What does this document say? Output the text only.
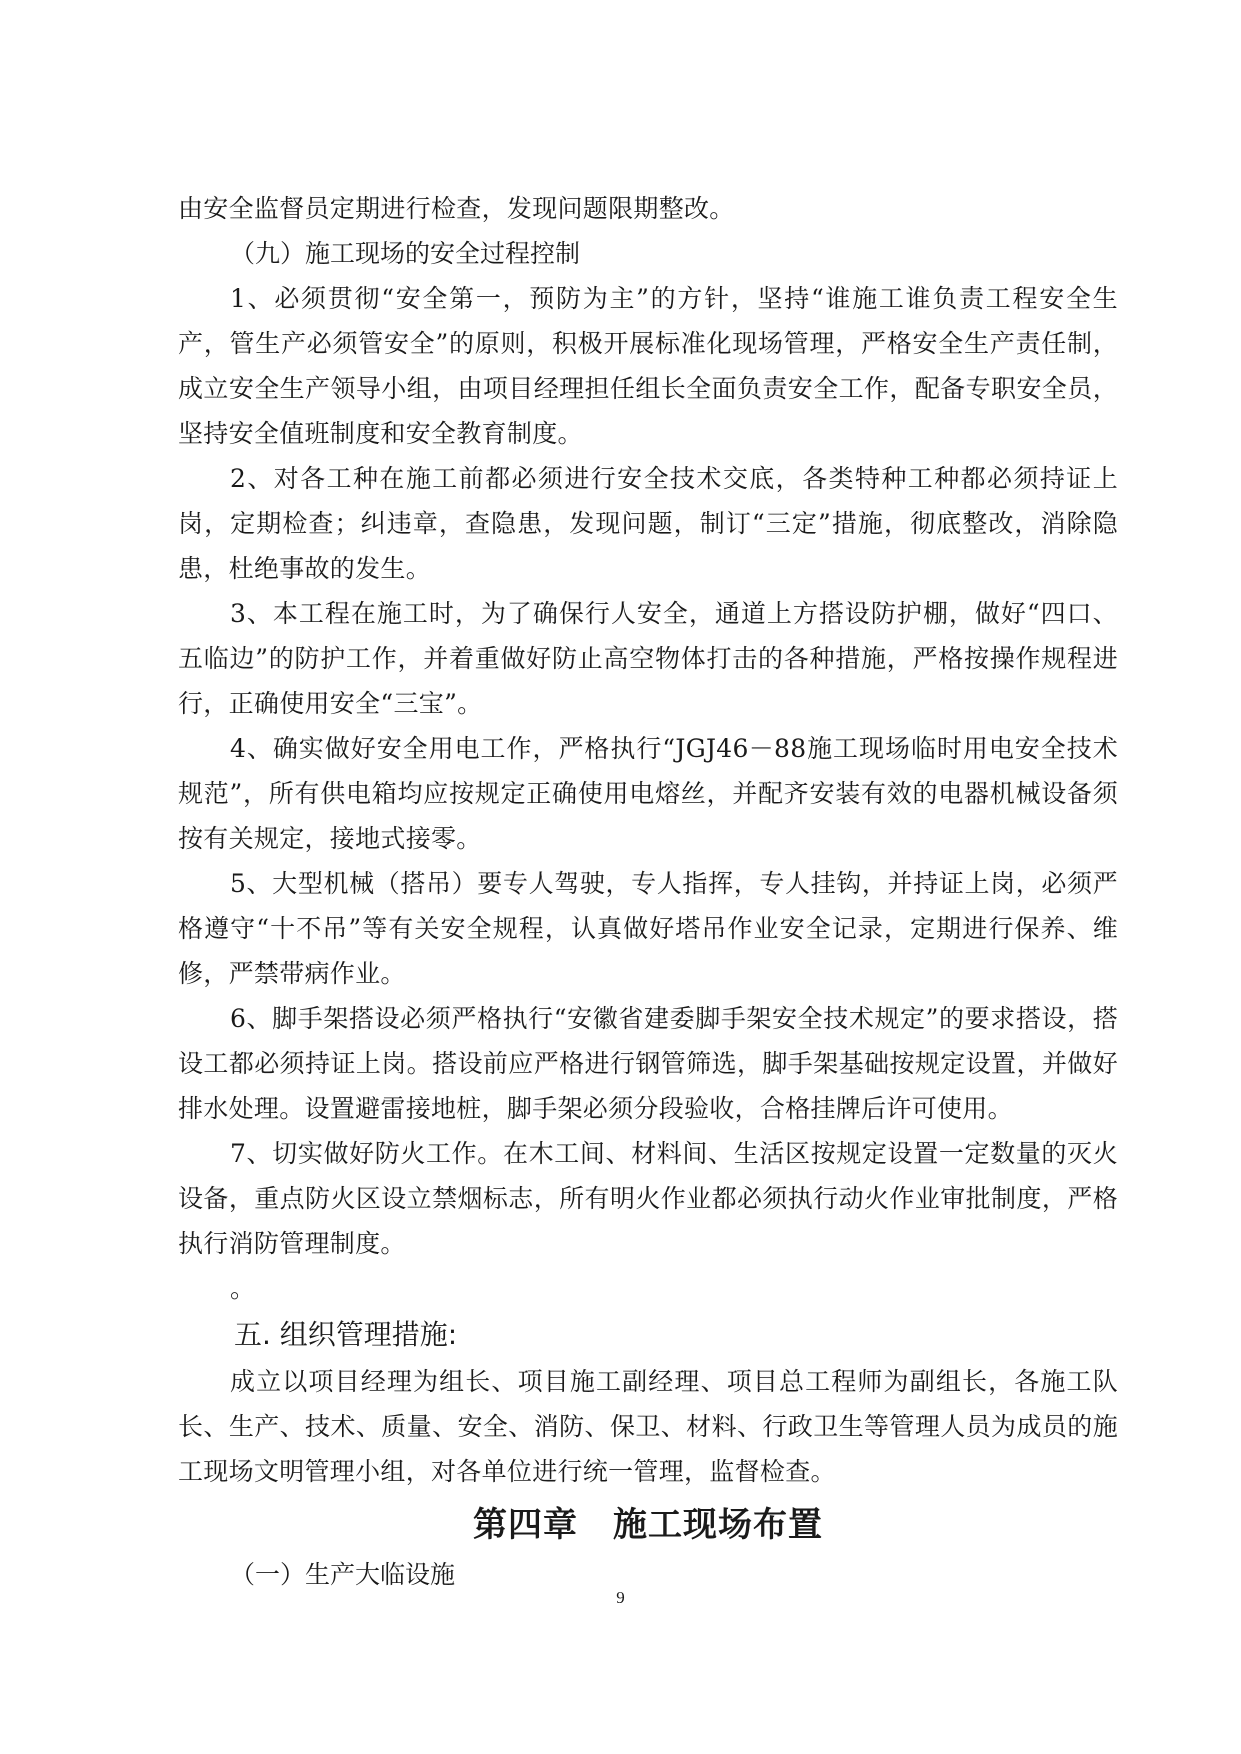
由安全监督员定期进行检查，发现问题限期整改。

（九）施工现场的安全过程控制

1、必须贯彻“安全第一，预防为主”的方针，坚持“谁施工谁负责工程安全生产，管生产必须管安全”的原则，积极开展标准化现场管理，严格安全生产责任制，成立安全生产领导小组，由项目经理担任组长全面负责安全工作，配备专职安全员，坚持安全值班制度和安全教育制度。

2、对各工种在施工前都必须进行安全技术交底，各类特种工种都必须持证上岗，定期检查；纠违章，查隐患，发现问题，制订“三定”措施，彻底整改，消除隐患，杜绝事故的发生。

3、本工程在施工时，为了确保行人安全，通道上方搭设防护棚，做好“四口、五临边”的防护工作，并着重做好防止高空物体打击的各种措施，严格按操作规程进行，正确使用安全“三宝”。

4、确实做好安全用电工作，严格执行“JGJ46－88施工现场临时用电安全技术规范”，所有供电箱均应按规定正确使用电熔丝，并配齐安装有效的电器机械设备须按有关规定，接地式接零。

5、大型机械（搭吊）要专人驾驶，专人指挥，专人挂钩，并持证上岗，必须严格遵守“十不吊”等有关安全规程，认真做好塔吊作业安全记录，定期进行保养、维修，严禁带病作业。

6、脚手架搭设必须严格执行“安徽省建委脚手架安全技术规定”的要求搭设，搭设工都必须持证上岗。搭设前应严格进行钢管筛选，脚手架基础按规定设置，并做好排水处理。设置避雷接地桩，脚手架必须分段验收，合格挂牌后许可使用。

7、切实做好防火工作。在木工间、材料间、生活区按规定设置一定数量的灭火设备，重点防火区设立禁烟标志，所有明火作业都必须执行动火作业审批制度，严格执行消防管理制度。

。

五. 组织管理措施:

成立以项目经理为组长、项目施工副经理、项目总工程师为副组长，各施工队长、生产、技术、质量、安全、消防、保卫、材料、行政卫生等管理人员为成员的施工现场文明管理小组，对各单位进行统一管理，监督检查。

第四章　施工现场布置

（一）生产大临设施

9
